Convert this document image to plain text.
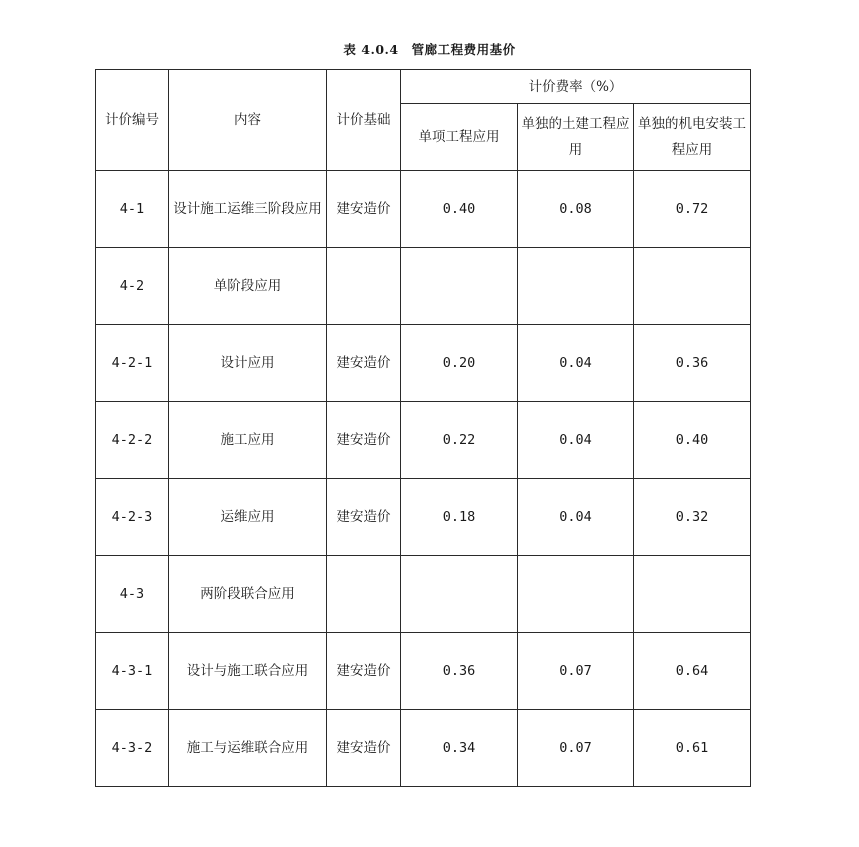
表 4.0.4　管廊工程费用基价
计价编号	内容	计价基础	计价费率（%）		
			单项工程应用	单独的土建工程应用	单独的机电安装工程应用
4-1	设计施工运维三阶段应用	建安造价	0.40	0.08	0.72
4-2	单阶段应用				
4-2-1	设计应用	建安造价	0.20	0.04	0.36
4-2-2	施工应用	建安造价	0.22	0.04	0.40
4-2-3	运维应用	建安造价	0.18	0.04	0.32
4-3	两阶段联合应用				
4-3-1	设计与施工联合应用	建安造价	0.36	0.07	0.64
4-3-2	施工与运维联合应用	建安造价	0.34	0.07	0.61
